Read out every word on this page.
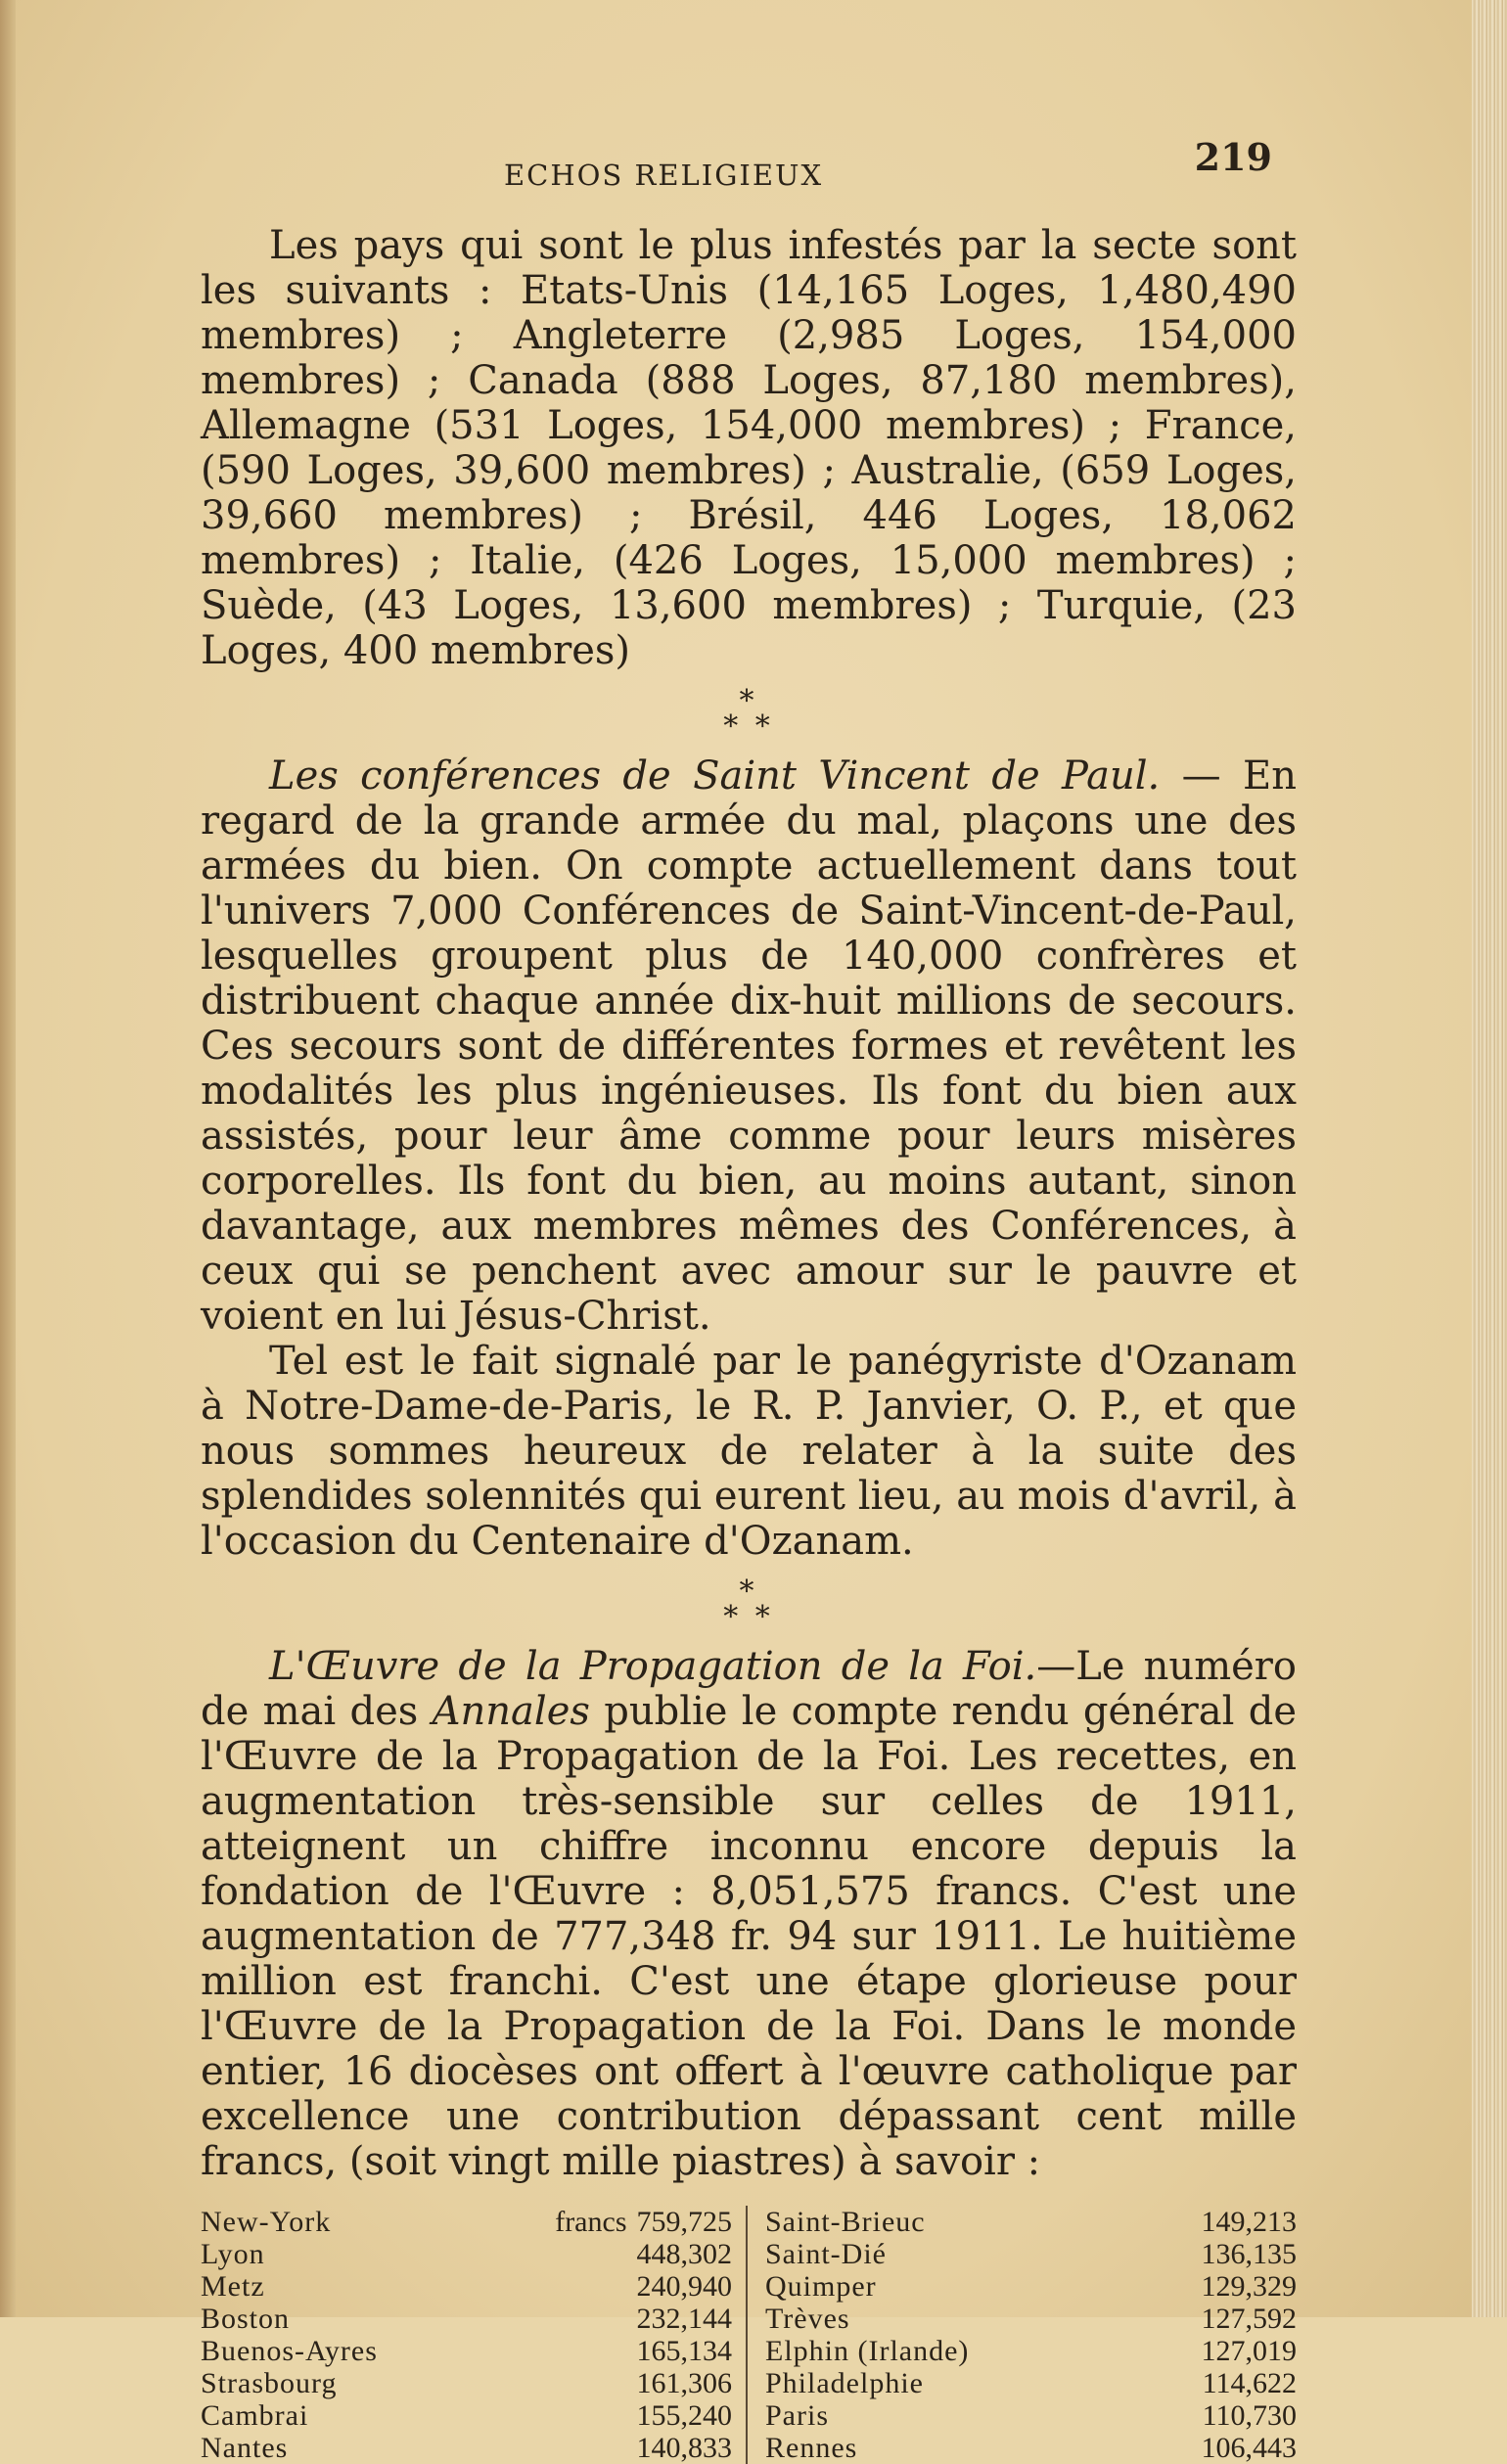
ECHOS RELIGIEUX	219

Les pays qui sont le plus infestés par la secte sont les suivants : Etats-Unis (14,165 Loges, 1,480,490 membres) ; Angleterre (2,985 Loges, 154,000 membres) ; Canada (888 Loges, 87,180 membres), Allemagne (531 Loges, 154,000 membres) ; France, (590 Loges, 39,600 membres) ; Australie, (659 Loges, 39,660 membres) ; Brésil, 446 Loges, 18,062 membres) ; Italie, (426 Loges, 15,000 membres) ; Suède, (43 Loges, 13,600 membres) ; Turquie, (23 Loges, 400 membres)

*
* *

Les conférences de Saint Vincent de Paul. — En regard de la grande armée du mal, plaçons une des armées du bien. On compte actuellement dans tout l'univers 7,000 Conférences de Saint-Vincent-de-Paul, lesquelles groupent plus de 140,000 confrères et distribuent chaque année dix-huit millions de secours. Ces secours sont de différentes formes et revêtent les modalités les plus ingénieuses. Ils font du bien aux assistés, pour leur âme comme pour leurs misères corporelles. Ils font du bien, au moins autant, sinon davantage, aux membres mêmes des Conférences, à ceux qui se penchent avec amour sur le pauvre et voient en lui Jésus-Christ.

Tel est le fait signalé par le panégyriste d'Ozanam à Notre-Dame-de-Paris, le R. P. Janvier, O. P., et que nous sommes heureux de relater à la suite des splendides solennités qui eurent lieu, au mois d'avril, à l'occasion du Centenaire d'Ozanam.

*
* *

L'Œuvre de la Propagation de la Foi.—Le numéro de mai des Annales publie le compte rendu général de l'Œuvre de la Propagation de la Foi. Les recettes, en augmentation très-sensible sur celles de 1911, atteignent un chiffre inconnu encore depuis la fondation de l'Œuvre : 8,051,575 francs. C'est une augmentation de 777,348 fr. 94 sur 1911. Le huitième million est franchi. C'est une étape glorieuse pour l'Œuvre de la Propagation de la Foi. Dans le monde entier, 16 diocèses ont offert à l'œuvre catholique par excellence une contribution dépassant cent mille francs, (soit vingt mille piastres) à savoir :

New-York	francs 759,725
Lyon	448,302
Metz	240,940
Boston	232,144
Buenos-Ayres	165,134
Strasbourg	161,306
Cambrai	155,240
Nantes	140,833
Saint-Brieuc	149,213
Saint-Dié	136,135
Quimper	129,329
Trèves	127,592
Elphin (Irlande)	127,019
Philadelphie	114,622
Paris	110,730
Rennes	106,443
